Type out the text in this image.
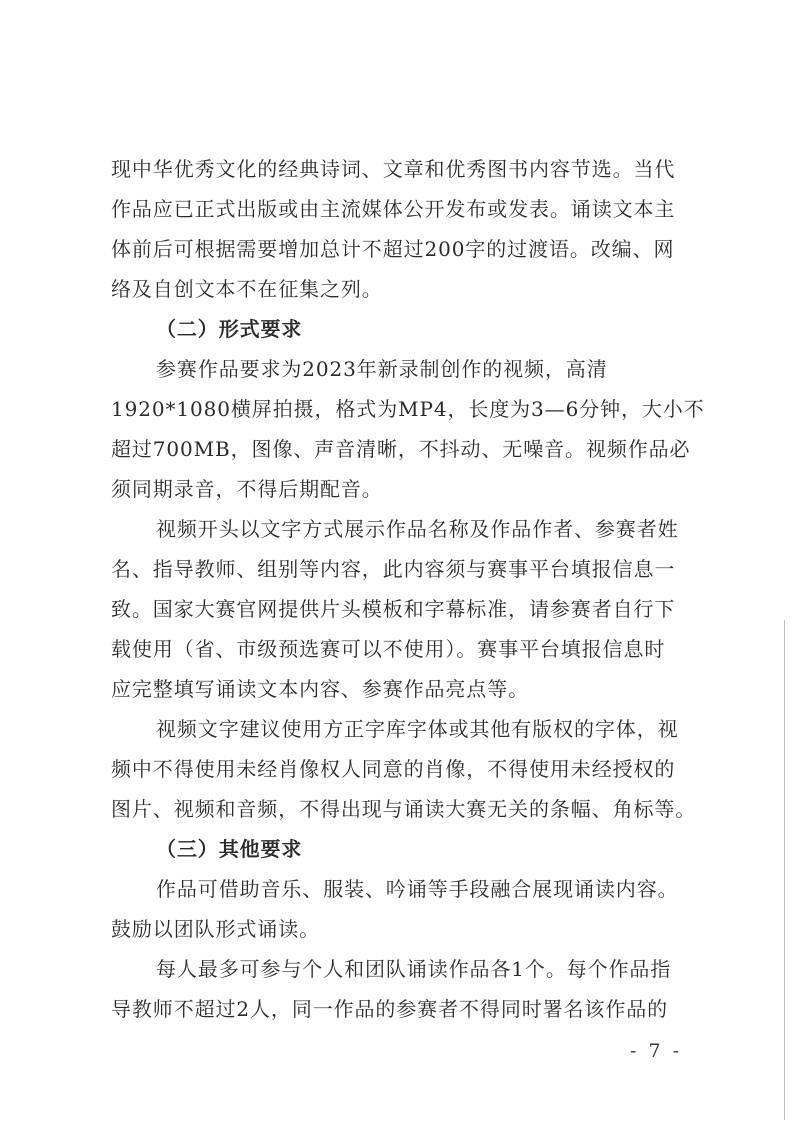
现中华优秀文化的经典诗词、文章和优秀图书内容节选。当代
作品应已正式出版或由主流媒体公开发布或发表。诵读文本主
体前后可根据需要增加总计不超过200字的过渡语。改编、网
络及自创文本不在征集之列。
（二）形式要求
参赛作品要求为2023年新录制创作的视频，高清
1920*1080横屏拍摄，格式为MP4，长度为3—6分钟，大小不
超过700MB，图像、声音清晰，不抖动、无噪音。视频作品必
须同期录音，不得后期配音。
视频开头以文字方式展示作品名称及作品作者、参赛者姓
名、指导教师、组别等内容，此内容须与赛事平台填报信息一
致。国家大赛官网提供片头模板和字幕标准，请参赛者自行下
载使用（省、市级预选赛可以不使用）。赛事平台填报信息时
应完整填写诵读文本内容、参赛作品亮点等。
视频文字建议使用方正字库字体或其他有版权的字体，视
频中不得使用未经肖像权人同意的肖像，不得使用未经授权的
图片、视频和音频，不得出现与诵读大赛无关的条幅、角标等。
（三）其他要求
作品可借助音乐、服装、吟诵等手段融合展现诵读内容。
鼓励以团队形式诵读。
每人最多可参与个人和团队诵读作品各1个。每个作品指
导教师不超过2人，同一作品的参赛者不得同时署名该作品的
- 7 -
